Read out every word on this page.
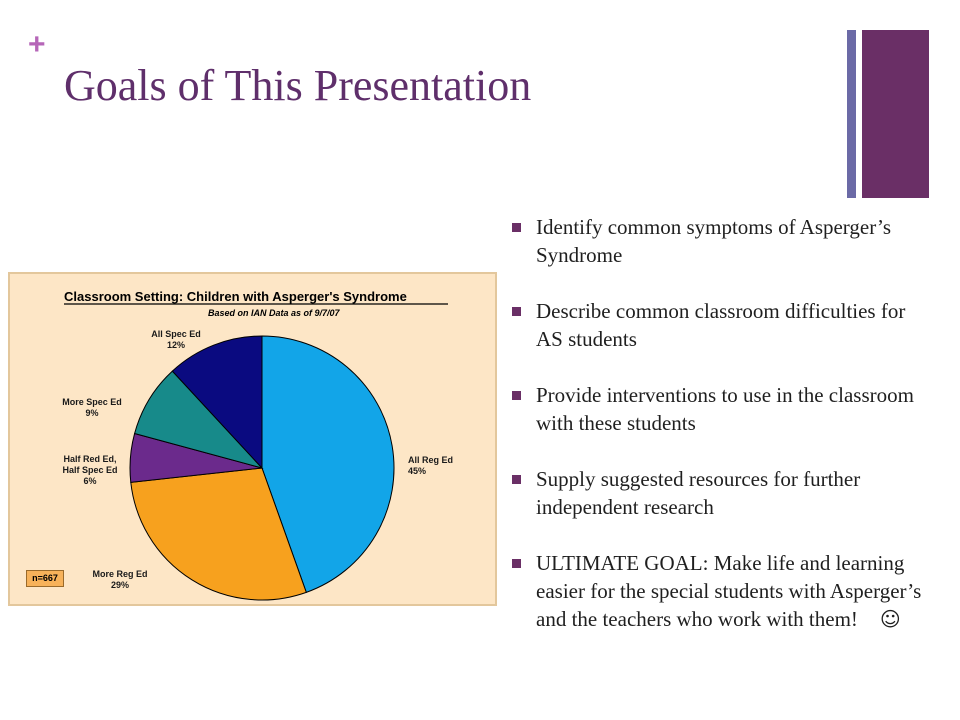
+
Goals of This Presentation
Classroom Setting: Children with Asperger's Syndrome
Based on IAN Data as of 9/7/07
All Reg Ed
45%
More Reg Ed
29%
Half Red Ed,
Half Spec Ed
6%
More Spec Ed
9%
All Spec Ed
12%
n=667
Identify common symptoms of Asperger’s Syndrome
Describe common classroom difficulties for AS students
Provide interventions to use in the classroom with these students
Supply suggested resources for further independent research
ULTIMATE GOAL: Make life and learning easier for the special students with Asperger’s and the teachers who work with them! ☺
